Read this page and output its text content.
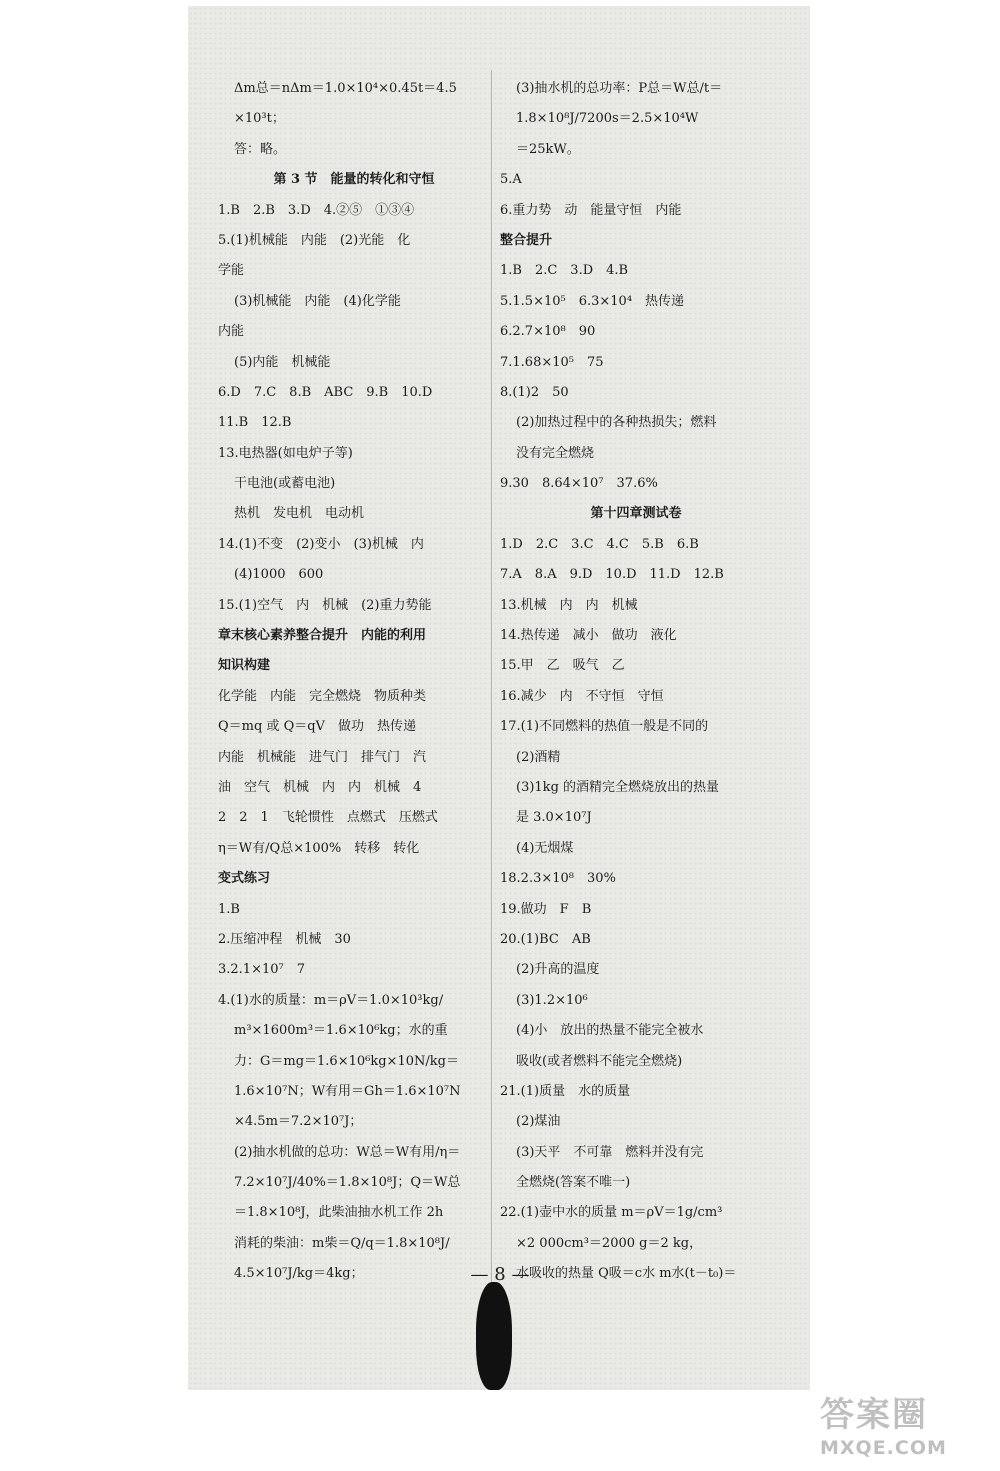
Δm总＝nΔm＝1.0×10⁴×0.45t＝4.5
×10³t；
答：略。
第 3 节　能量的转化和守恒
1.B　2.B　3.D　4.②⑤　①③④
5.(1)机械能　内能　(2)光能　化
学能
(3)机械能　内能　(4)化学能
内能
(5)内能　机械能
6.D　7.C　8.B　ABC　9.B　10.D
11.B　12.B
13.电热器(如电炉子等)
干电池(或蓄电池)
热机　发电机　电动机
14.(1)不变　(2)变小　(3)机械　内
(4)1000　600
15.(1)空气　内　机械　(2)重力势能
章末核心素养整合提升　内能的利用
知识构建
化学能　内能　完全燃烧　物质种类
Q＝mq 或 Q＝qV　做功　热传递
内能　机械能　进气门　排气门　汽
油　空气　机械　内　内　机械　4
2　2　1　飞轮惯性　点燃式　压燃式
η＝W有/Q总×100%　转移　转化
变式练习
1.B
2.压缩冲程　机械　30
3.2.1×10⁷　7
4.(1)水的质量：m＝ρV＝1.0×10³kg/
m³×1600m³＝1.6×10⁶kg；水的重
力：G＝mg＝1.6×10⁶kg×10N/kg＝
1.6×10⁷N；W有用＝Gh＝1.6×10⁷N
×4.5m＝7.2×10⁷J；
(2)抽水机做的总功：W总＝W有用/η＝
7.2×10⁷J/40%＝1.8×10⁸J；Q＝W总
＝1.8×10⁸J，此柴油抽水机工作 2h
消耗的柴油：m柴＝Q/q＝1.8×10⁸J/
4.5×10⁷J/kg＝4kg；
(3)抽水机的总功率：P总＝W总/t＝
1.8×10⁸J/7200s＝2.5×10⁴W
＝25kW。
5.A
6.重力势　动　能量守恒　内能
整合提升
1.B　2.C　3.D　4.B
5.1.5×10⁵　6.3×10⁴　热传递
6.2.7×10⁸　90
7.1.68×10⁵　75
8.(1)2　50
(2)加热过程中的各种热损失；燃料
没有完全燃烧
9.30　8.64×10⁷　37.6%
第十四章测试卷
1.D　2.C　3.C　4.C　5.B　6.B
7.A　8.A　9.D　10.D　11.D　12.B
13.机械　内　内　机械
14.热传递　减小　做功　液化
15.甲　乙　吸气　乙
16.减少　内　不守恒　守恒
17.(1)不同燃料的热值一般是不同的
(2)酒精
(3)1kg 的酒精完全燃烧放出的热量
是 3.0×10⁷J
(4)无烟煤
18.2.3×10⁸　30%
19.做功　F　B
20.(1)BC　AB
(2)升高的温度
(3)1.2×10⁶
(4)小　放出的热量不能完全被水
吸收(或者燃料不能完全燃烧)
21.(1)质量　水的质量
(2)煤油
(3)天平　不可靠　燃料并没有完
全燃烧(答案不唯一)
22.(1)壶中水的质量 m＝ρV＝1g/cm³
×2 000cm³＝2000 g＝2 kg，
水吸收的热量 Q吸＝c水 m水(t－t₀)＝
— 8 —
答案圈
MXQE.COM
